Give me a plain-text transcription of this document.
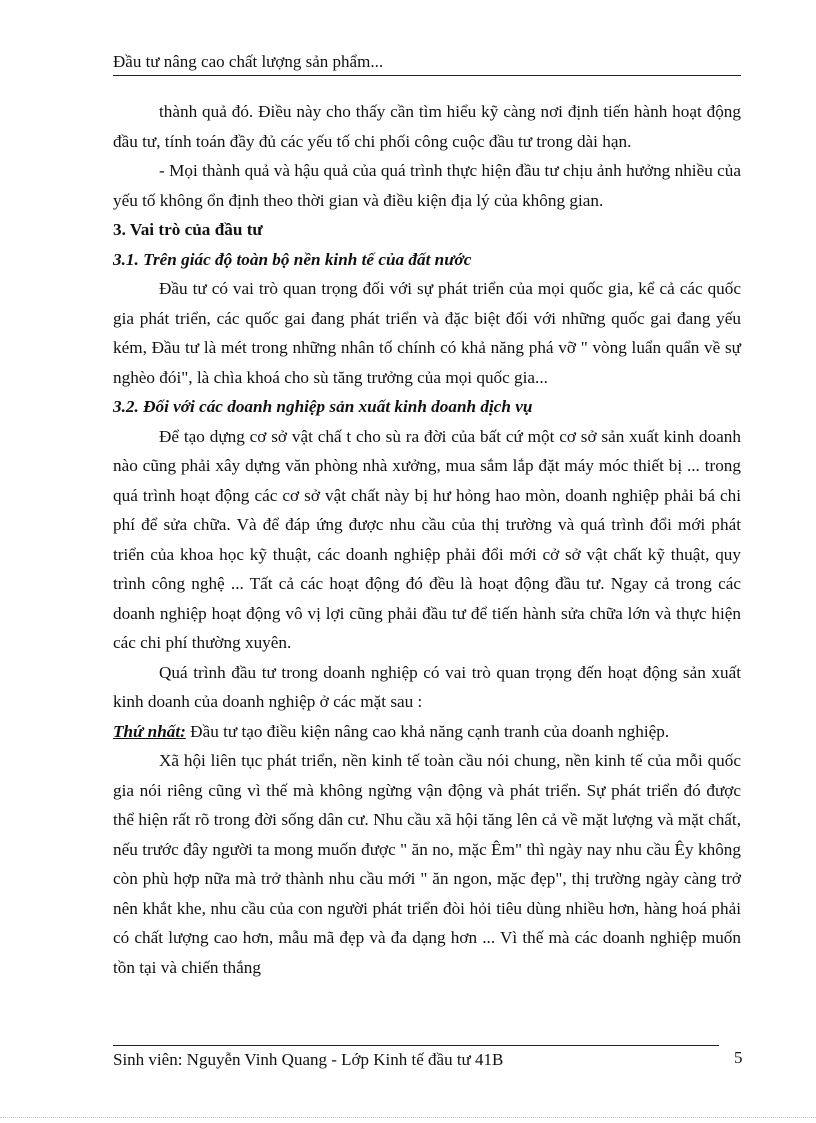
Đầu tư nâng cao chất lượng sản phẩm...

thành quả đó. Điều này cho thấy cần tìm hiểu kỹ càng nơi định tiến hành hoạt động đầu tư, tính toán đầy đủ các yếu tố chi phối công cuộc đầu tư trong dài hạn.

- Mọi thành quả và hậu quả của quá trình thực hiện đầu tư chịu ảnh hưởng nhiều của yếu tố không ổn định theo thời gian và điều kiện địa lý của không gian.

3. Vai trò của đầu tư

3.1. Trên giác độ toàn bộ nền kinh tế của đất nước

Đầu tư có vai trò quan trọng đối với sự phát triển của mọi quốc gia, kể cả các quốc gia phát triển, các quốc gai đang phát triển và đặc biệt đối với những quốc gai đang yếu kém, Đầu tư là mét trong những nhân tố chính có khả năng phá vỡ " vòng luẩn quẩn về sự nghèo đói", là chìa khoá cho sù tăng trưởng của mọi quốc gia...

3.2. Đối với các doanh nghiệp sản xuất kinh doanh dịch vụ

Để tạo dựng cơ sở vật chấ t cho sù ra đời của bất cứ một cơ sở sản xuất kinh doanh nào cũng phải xây dựng văn phòng nhà xưởng, mua sắm lắp đặt máy móc thiết bị ... trong quá trình hoạt động các cơ sở vật chất này bị hư hỏng hao mòn, doanh nghiệp phải bá chi phí để sửa chữa. Và để đáp ứng được nhu cầu của thị trường và quá trình đổi mới phát triển của khoa học kỹ thuật, các doanh nghiệp phải đổi mới cở sở vật chất kỹ thuật, quy trình công nghệ ... Tất cả các hoạt động đó đều là hoạt động đầu tư. Ngay cả trong các doanh nghiệp hoạt động vô vị lợi cũng phải đầu tư để tiến hành sửa chữa lớn và thực hiện các chi phí thường xuyên.

Quá trình đầu tư trong doanh nghiệp có vai trò quan trọng đến hoạt động sản xuất kinh doanh của doanh nghiệp ở các mặt sau :

Thứ nhất: Đầu tư tạo điều kiện nâng cao khả năng cạnh tranh của doanh nghiệp.

Xã hội liên tục phát triển, nền kinh tế toàn cầu nói chung, nền kinh tế của mỗi quốc gia nói riêng cũng vì thế mà không ngừng vận động và phát triển. Sự phát triển đó được thể hiện rất rõ trong đời sống dân cư. Nhu cầu xã hội tăng lên cả về mặt lượng và mặt chất, nếu trước đây người ta mong muốn được " ăn no, mặc Êm" thì ngày nay nhu cầu Êy không còn phù hợp nữa mà trở thành nhu cầu mới " ăn ngon, mặc đẹp", thị trường ngày càng trở nên khắt khe, nhu cầu của con người phát triển đòi hỏi tiêu dùng nhiều hơn, hàng hoá phải có chất lượng cao hơn, mẫu mã đẹp và đa dạng hơn ... Vì thế mà các doanh nghiệp muốn tồn tại và chiến thắng

Sinh viên: Nguyễn Vinh Quang - Lớp Kinh tế đầu tư 41B	5
